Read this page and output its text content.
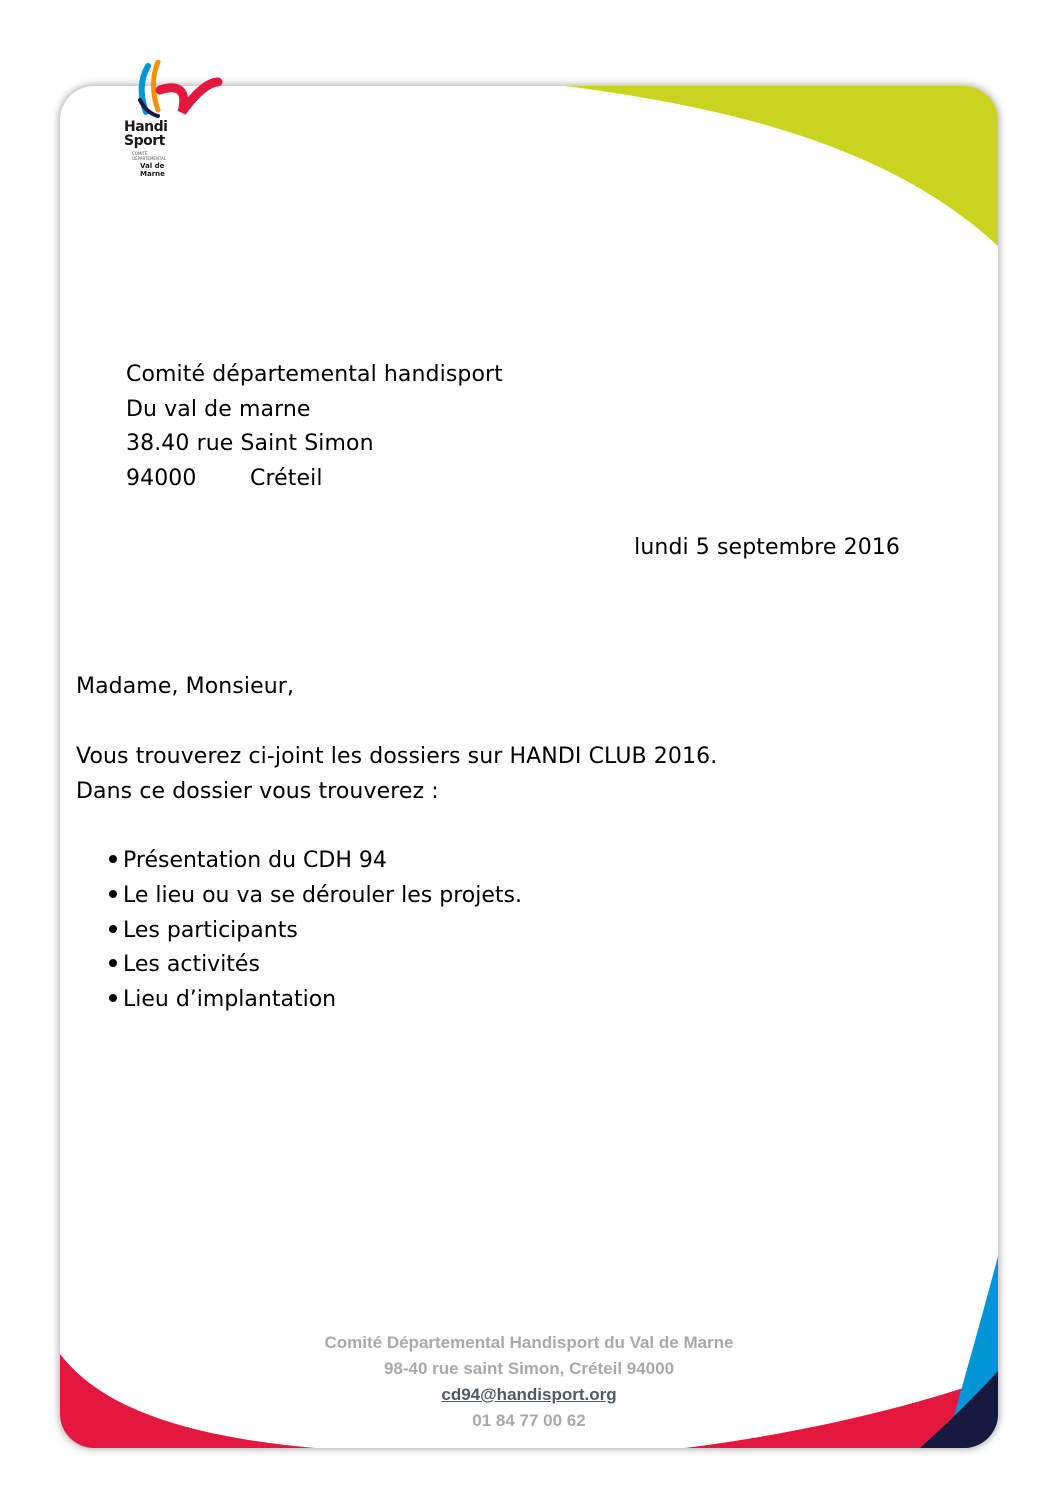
Handi
Sport
COMITÉ
DÉPARTEMENTAL
Val de
Marne
Comité départemental handisport
Du val de marne
38.40 rue Saint Simon
94000 Créteil
lundi 5 septembre 2016
Madame, Monsieur,
Vous trouverez ci-joint les dossiers sur HANDI CLUB 2016.
Dans ce dossier vous trouverez :
Présentation du CDH 94
Le lieu ou va se dérouler les projets.
Les participants
Les activités
Lieu d’implantation
Comité Départemental Handisport du Val de Marne
98-40 rue saint Simon, Créteil 94000
cd94@handisport.org
01 84 77 00 62
